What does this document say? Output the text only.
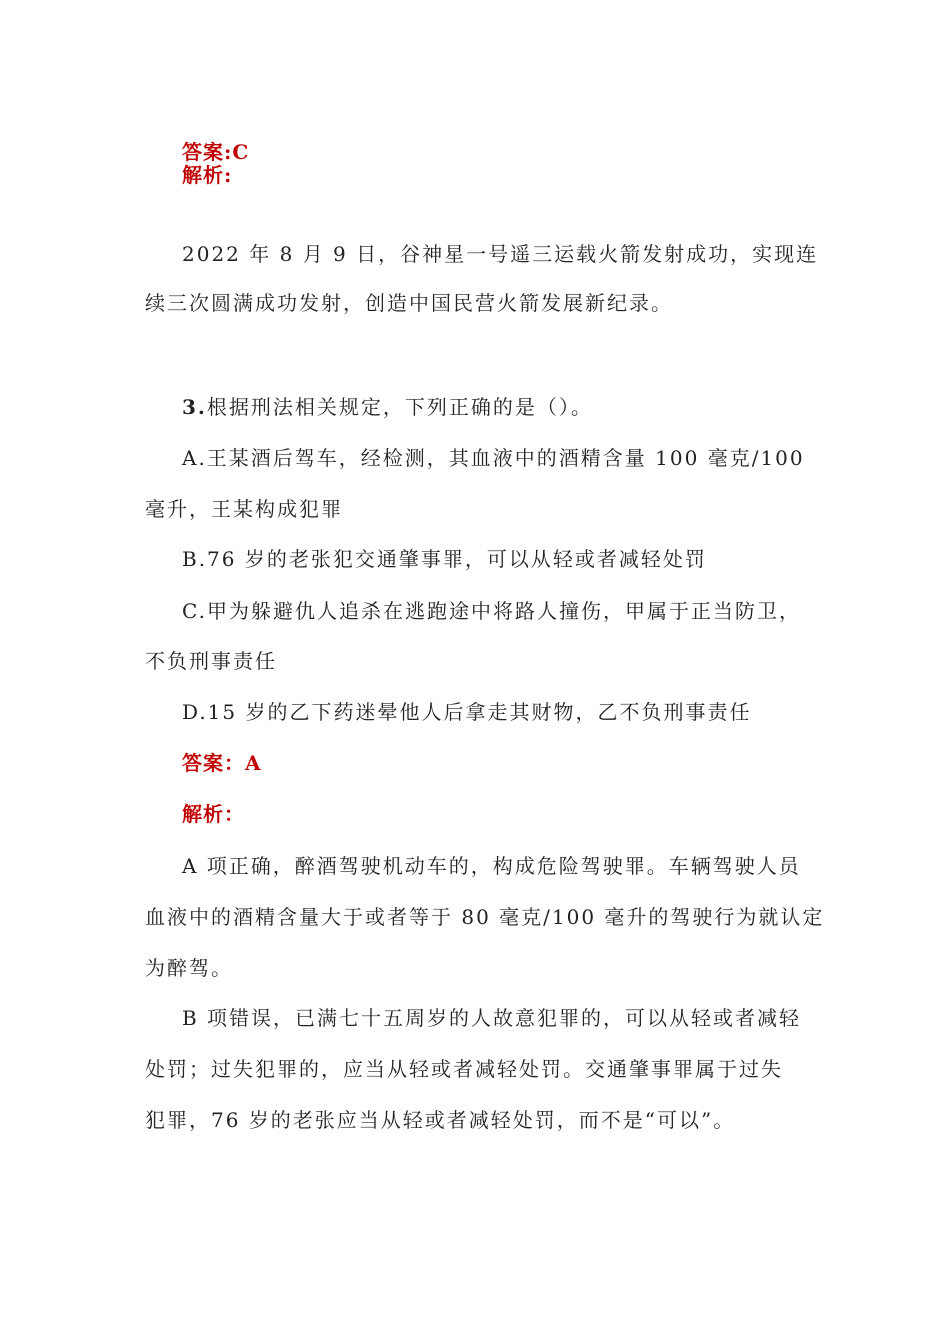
答案:C
解析:
2022 年 8 月 9 日，谷神星一号遥三运载火箭发射成功，实现连
续三次圆满成功发射，创造中国民营火箭发展新纪录。
3.根据刑法相关规定，下列正确的是（）。
A.王某酒后驾车，经检测，其血液中的酒精含量 100 毫克/100
毫升，王某构成犯罪
B.76 岁的老张犯交通肇事罪，可以从轻或者减轻处罚
C.甲为躲避仇人追杀在逃跑途中将路人撞伤，甲属于正当防卫，
不负刑事责任
D.15 岁的乙下药迷晕他人后拿走其财物，乙不负刑事责任
答案：A
解析：
A 项正确，醉酒驾驶机动车的，构成危险驾驶罪。车辆驾驶人员
血液中的酒精含量大于或者等于 80 毫克/100 毫升的驾驶行为就认定
为醉驾。
B 项错误，已满七十五周岁的人故意犯罪的，可以从轻或者减轻
处罚；过失犯罪的，应当从轻或者减轻处罚。交通肇事罪属于过失
犯罪，76 岁的老张应当从轻或者减轻处罚，而不是“可以”。
